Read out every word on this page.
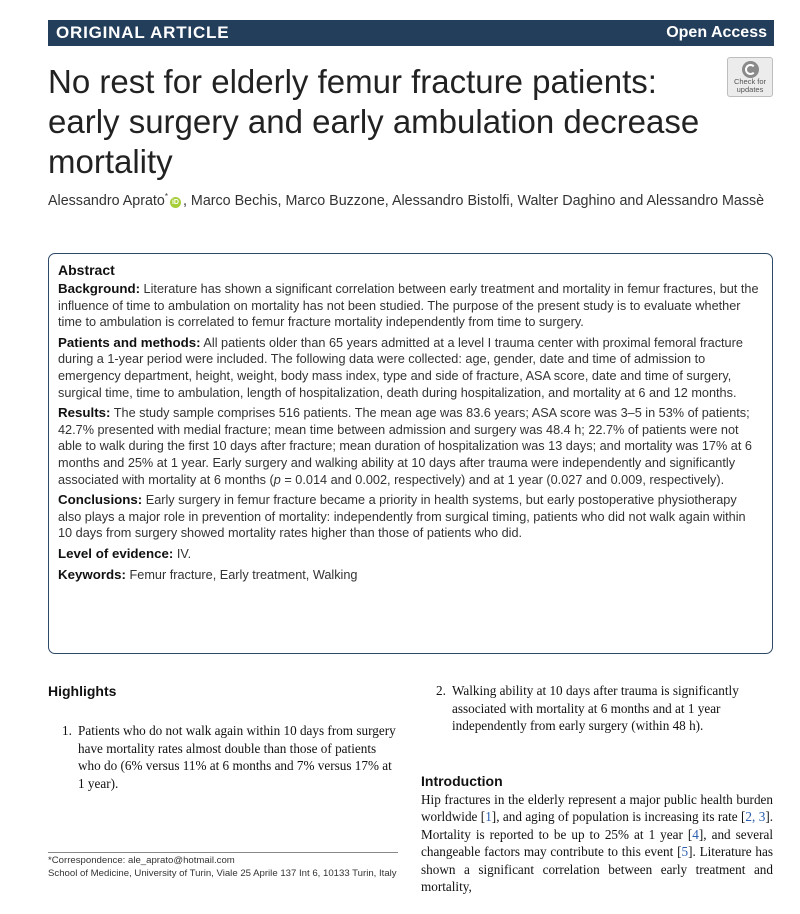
ORIGINAL ARTICLE	Open Access
Check for updates
No rest for elderly femur fracture patients: early surgery and early ambulation decrease mortality
Alessandro Aprato*iD , Marco Bechis, Marco Buzzone, Alessandro Bistolfi, Walter Daghino and Alessandro Massè
Abstract

Background: Literature has shown a significant correlation between early treatment and mortality in femur fractures, but the influence of time to ambulation on mortality has not been studied. The purpose of the present study is to evaluate whether time to ambulation is correlated to femur fracture mortality independently from time to surgery.

Patients and methods: All patients older than 65 years admitted at a level I trauma center with proximal femoral fracture during a 1-year period were included. The following data were collected: age, gender, date and time of admission to emergency department, height, weight, body mass index, type and side of fracture, ASA score, date and time of surgery, surgical time, time to ambulation, length of hospitalization, death during hospitalization, and mortality at 6 and 12 months.

Results: The study sample comprises 516 patients. The mean age was 83.6 years; ASA score was 3–5 in 53% of patients; 42.7% presented with medial fracture; mean time between admission and surgery was 48.4 h; 22.7% of patients were not able to walk during the first 10 days after fracture; mean duration of hospitalization was 13 days; and mortality was 17% at 6 months and 25% at 1 year. Early surgery and walking ability at 10 days after trauma were independently and significantly associated with mortality at 6 months (p = 0.014 and 0.002, respectively) and at 1 year (0.027 and 0.009, respectively).

Conclusions: Early surgery in femur fracture became a priority in health systems, but early postoperative physiotherapy also plays a major role in prevention of mortality: independently from surgical timing, patients who did not walk again within 10 days from surgery showed mortality rates higher than those of patients who did.

Level of evidence: IV.

Keywords: Femur fracture, Early treatment, Walking

Highlights
1. Patients who do not walk again within 10 days from surgery have mortality rates almost double than those of patients who do (6% versus 11% at 6 months and 7% versus 17% at 1 year).
2. Walking ability at 10 days after trauma is significantly associated with mortality at 6 months and at 1 year independently from early surgery (within 48 h).
Introduction
Hip fractures in the elderly represent a major public health burden worldwide [1], and aging of population is increasing its rate [2, 3]. Mortality is reported to be up to 25% at 1 year [4], and several changeable factors may contribute to this event [5]. Literature has shown a significant correlation between early treatment and mortality,
*Correspondence: ale_aprato@hotmail.com
School of Medicine, University of Turin, Viale 25 Aprile 137 Int 6, 10133 Turin, Italy
